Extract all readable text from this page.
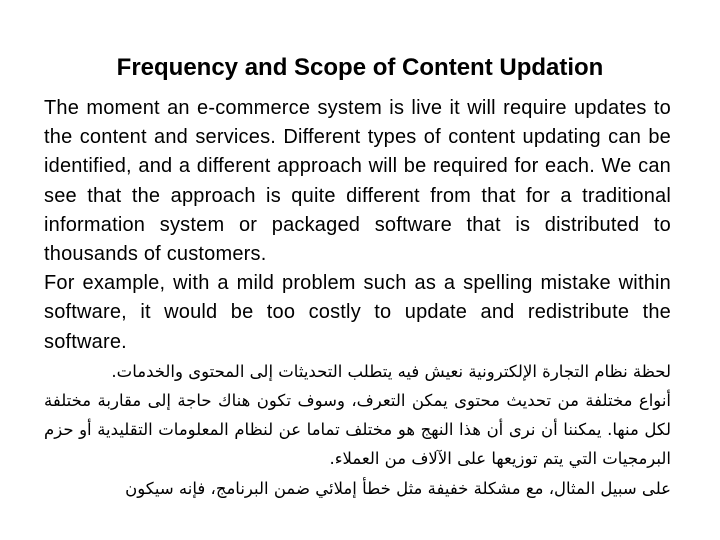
Frequency and Scope of Content Updation

The moment an e-commerce system is live it will require updates to the content and services. Different types of content updating can be identified, and a different approach will be required for each. We can see that the approach is quite different from that for a traditional information system or packaged software that is distributed to thousands of customers.

For example, with a mild problem such as a spelling mistake within software, it would be too costly to update and redistribute the software.

لحظة نظام التجارة الإلكترونية نعيش فيه يتطلب التحديثات إلى المحتوى والخدمات.

أنواع مختلفة من تحديث محتوى يمكن التعرف، وسوف تكون هناك حاجة إلى مقاربة مختلفة لكل منها. يمكننا أن نرى أن هذا النهج هو مختلف تماما عن لنظام المعلومات التقليدية أو حزم البرمجيات التي يتم توزيعها على الآلاف من العملاء.

على سبيل المثال، مع مشكلة خفيفة مثل خطأ إملائي ضمن البرنامج، فإنه سيكون
